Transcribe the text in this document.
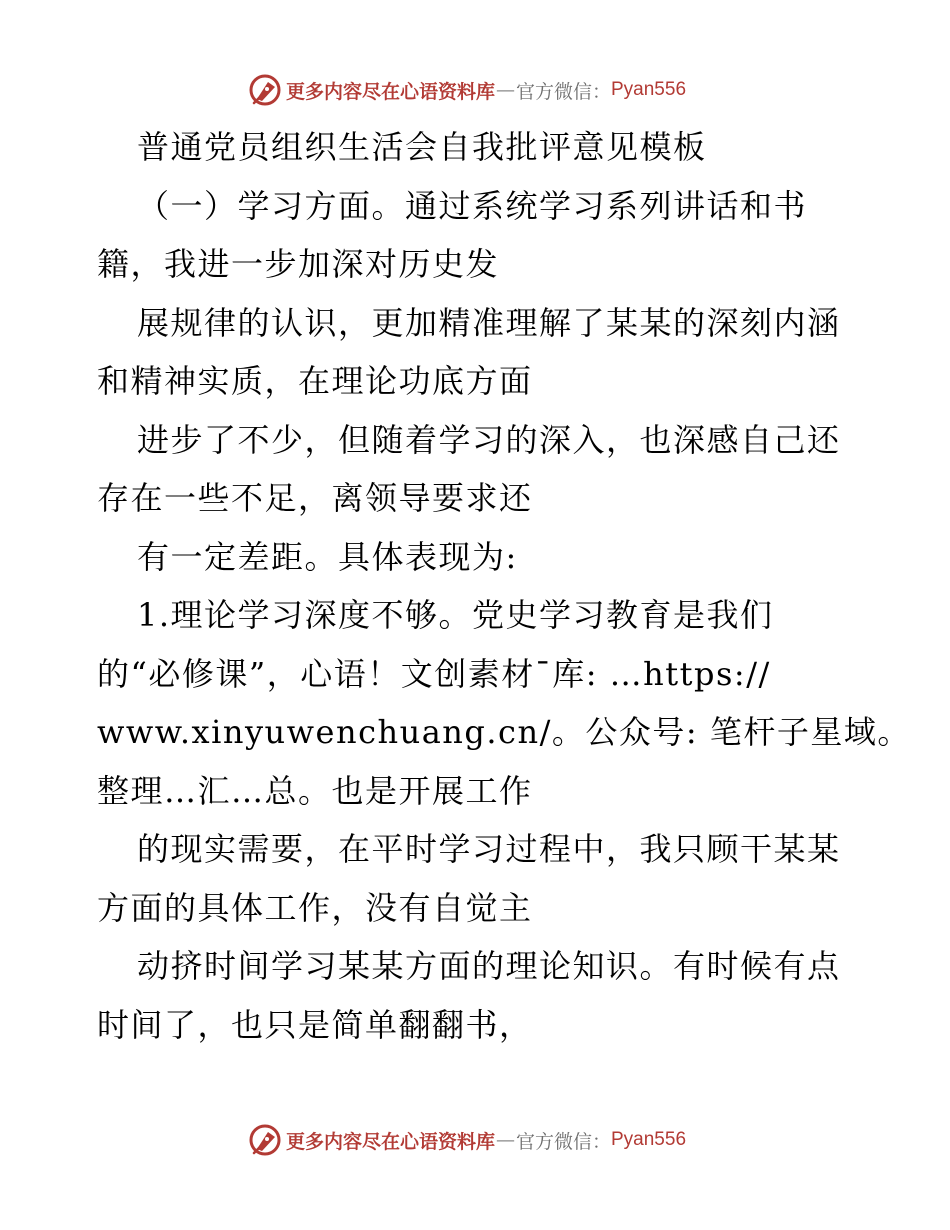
更多内容尽在心语资料库 — 官方微信： Pyan556
普通党员组织生活会自我批评意见模板
（一）学习方面。通过系统学习系列讲话和书
籍，我进一步加深对历史发
展规律的认识，更加精准理解了某某的深刻内涵
和精神实质，在理论功底方面
进步了不少，但随着学习的深入，也深感自己还
存在一些不足，离领导要求还
有一定差距。具体表现为:
1.理论学习深度不够。党史学习教育是我们
的“必修课”，心语！文创素材¯库: …https://
www.xinyuwenchuang.cn/。公众号: 笔杆子星域。
整理…汇…总。也是开展工作
的现实需要，在平时学习过程中，我只顾干某某
方面的具体工作，没有自觉主
动挤时间学习某某方面的理论知识。有时候有点
时间了，也只是简单翻翻书，
更多内容尽在心语资料库 — 官方微信： Pyan556
